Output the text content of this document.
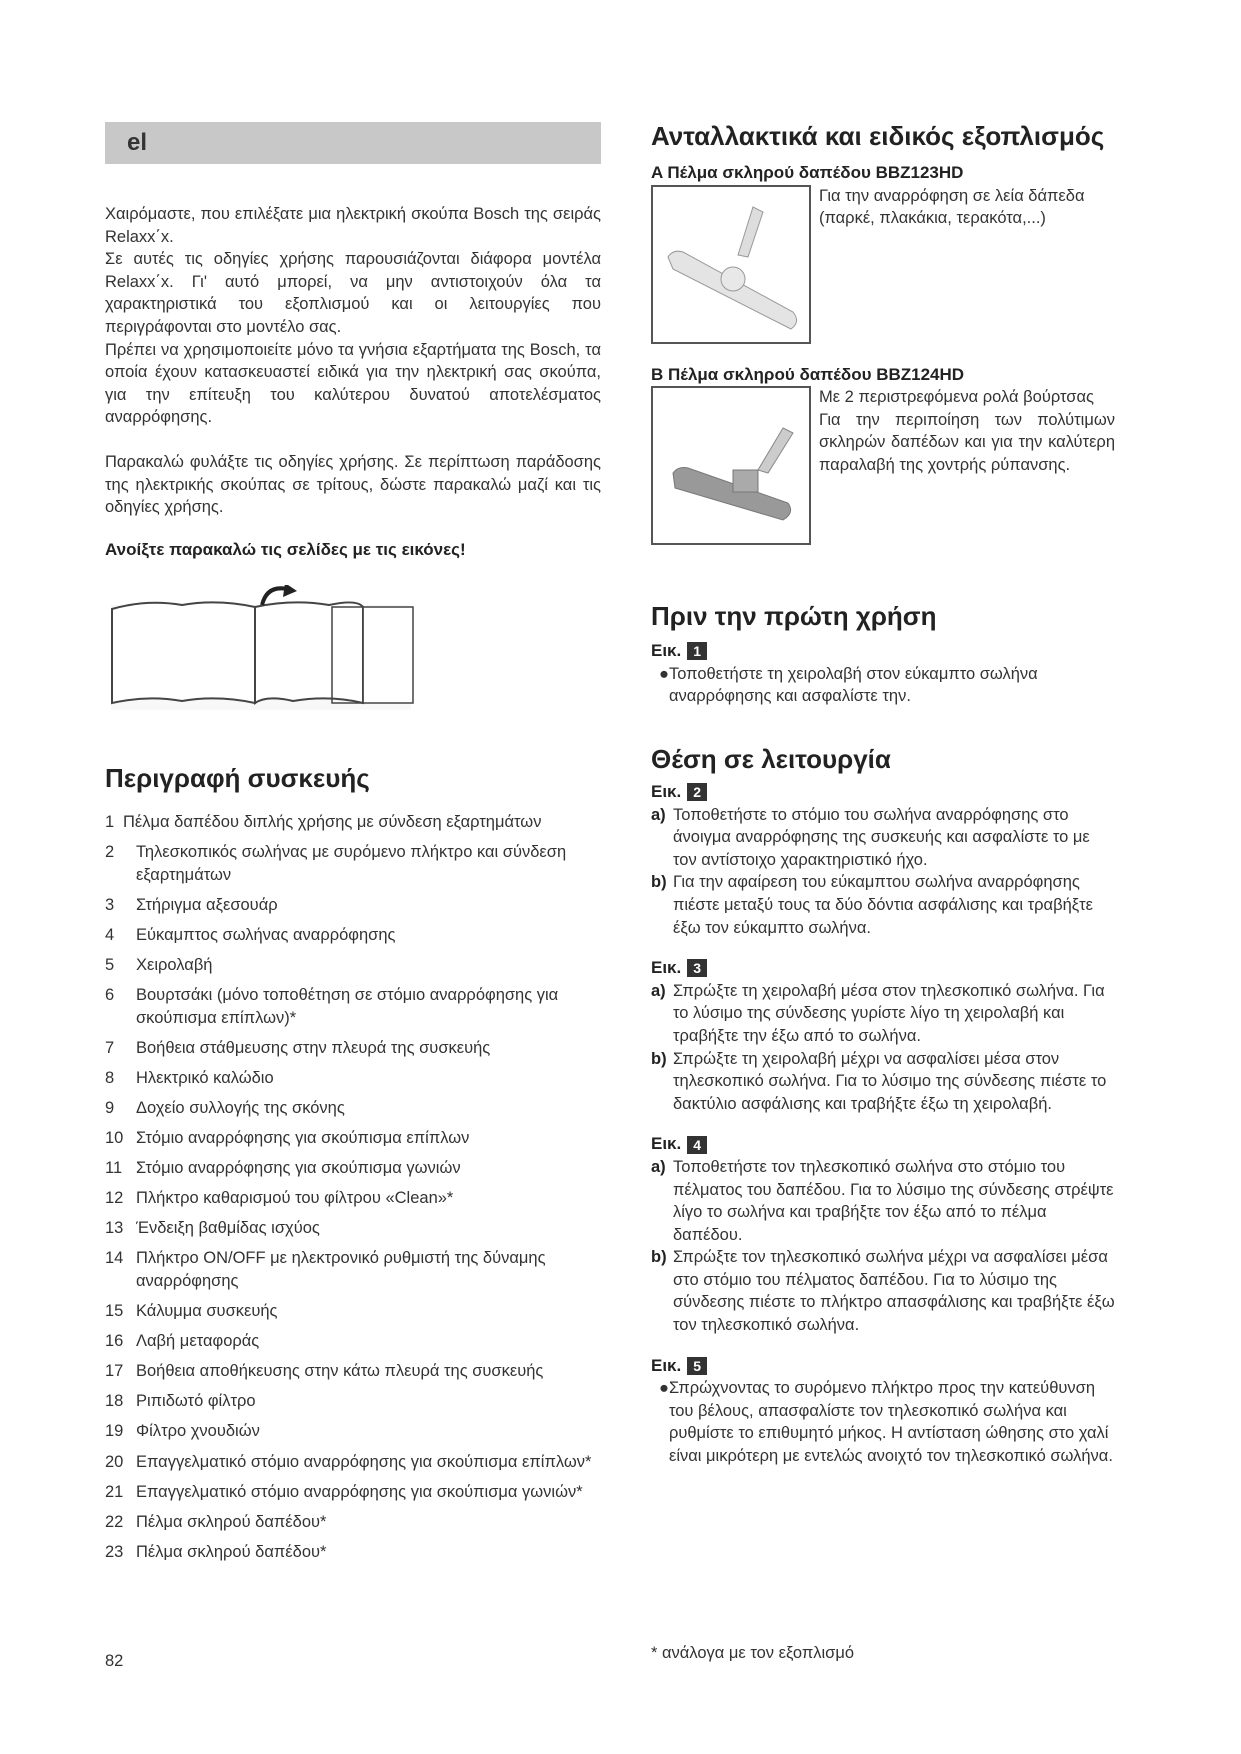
el

Χαιρόμαστε, που επιλέξατε μια ηλεκτρική σκούπα Bosch της σειράς Relaxx΄x.

Σε αυτές τις οδηγίες χρήσης παρουσιάζονται διάφορα μοντέλα Relaxx΄x. Γι' αυτό μπορεί, να μην αντιστοιχούν όλα τα χαρακτηριστικά του εξοπλισμού και οι λειτουργίες που περιγράφονται στο μοντέλο σας.

Πρέπει να χρησιμοποιείτε μόνο τα γνήσια εξαρτήματα της Bosch, τα οποία έχουν κατασκευαστεί ειδικά για την ηλεκτρική σας σκούπα, για την επίτευξη του καλύτερου δυνατού αποτελέσματος αναρρόφησης.

Παρακαλώ φυλάξτε τις οδηγίες χρήσης. Σε περίπτωση παράδοσης της ηλεκτρικής σκούπας σε τρίτους, δώστε παρακαλώ μαζί και τις οδηγίες χρήσης.

Ανοίξτε παρακαλώ τις σελίδες με τις εικόνες!

Περιγραφή συσκευής
1 Πέλμα δαπέδου διπλής χρήσης με σύνδεση εξαρτημάτων
2	Τηλεσκοπικός σωλήνας με συρόμενο πλήκτρο και σύνδεση εξαρτημάτων
3	Στήριγμα αξεσουάρ
4	Εύκαμπτος σωλήνας αναρρόφησης
5	Χειρολαβή
6	Βουρτσάκι (μόνο τοποθέτηση σε στόμιο αναρρόφησης για σκούπισμα επίπλων)*
7	Βοήθεια στάθμευσης στην πλευρά της συσκευής
8	Ηλεκτρικό καλώδιο
9	Δοχείο συλλογής της σκόνης
10 Στόμιο αναρρόφησης για σκούπισμα επίπλων
11 Στόμιο αναρρόφησης για σκούπισμα γωνιών
12 Πλήκτρο καθαρισμού του φίλτρου «Clean»*
13 Ένδειξη βαθμίδας ισχύος
14 Πλήκτρο ON/OFF με ηλεκτρονικό ρυθμιστή της δύναμης αναρρόφησης
15 Κάλυμμα συσκευής
16 Λαβή μεταφοράς
17 Βοήθεια αποθήκευσης στην κάτω πλευρά της συσκευής
18 Ριπιδωτό φίλτρο
19 Φίλτρο χνουδιών
20 Επαγγελματικό στόμιο αναρρόφησης για σκούπισμα επίπλων*
21 Επαγγελματικό στόμιο αναρρόφησης για σκούπισμα γωνιών*
22 Πέλμα σκληρού δαπέδου*
23 Πέλμα σκληρού δαπέδου*
82
Ανταλλακτικά και ειδικός εξοπλισμός
A Πέλμα σκληρού δαπέδου BBZ123HD

Για την αναρρόφηση σε λεία δάπεδα (παρκέ, πλακάκια, τερακότα,...)

B Πέλμα σκληρού δαπέδου BBZ124HD

Με 2 περιστρεφόμενα ρολά βούρτσας

Για την περιποίηση των πολύτιμων σκληρών δαπέδων και για την καλύτερη παραλαβή της χοντρής ρύπανσης.

Πριν την πρώτη χρήση
Εικ. 1
● Τοποθετήστε τη χειρολαβή στον εύκαμπτο σωλήνα αναρρόφησης και ασφαλίστε την.
Θέση σε λειτουργία
Εικ. 2
a) Τοποθετήστε το στόμιο του σωλήνα αναρρόφησης στο άνοιγμα αναρρόφησης της συσκευής και ασφαλίστε το με τον αντίστοιχο χαρακτηριστικό ήχο.
b) Για την αφαίρεση του εύκαμπτου σωλήνα αναρρόφησης πιέστε μεταξύ τους τα δύο δόντια ασφάλισης και τραβήξτε έξω τον εύκαμπτο σωλήνα.
Εικ. 3
a) Σπρώξτε τη χειρολαβή μέσα στον τηλεσκοπικό σωλήνα. Για το λύσιμο της σύνδεσης γυρίστε λίγο τη χειρολαβή και τραβήξτε την έξω από το σωλήνα.
b) Σπρώξτε τη χειρολαβή μέχρι να ασφαλίσει μέσα στον τηλεσκοπικό σωλήνα. Για το λύσιμο της σύνδεσης πιέστε το δακτύλιο ασφάλισης και τραβήξτε έξω τη χειρολαβή.
Εικ. 4
a) Τοποθετήστε τον τηλεσκοπικό σωλήνα στο στόμιο του πέλματος του δαπέδου. Για το λύσιμο της σύνδεσης στρέψτε λίγο το σωλήνα και τραβήξτε τον έξω από το πέλμα δαπέδου.
b) Σπρώξτε τον τηλεσκοπικό σωλήνα μέχρι να ασφαλίσει μέσα στο στόμιο του πέλματος δαπέδου. Για το λύσιμο της σύνδεσης πιέστε το πλήκτρο απασφάλισης και τραβήξτε έξω τον τηλεσκοπικό σωλήνα.
Εικ. 5
● Σπρώχνοντας το συρόμενο πλήκτρο προς την κατεύθυνση του βέλους, απασφαλίστε τον τηλεσκοπικό σωλήνα και ρυθμίστε το επιθυμητό μήκος. Η αντίσταση ώθησης στο χαλί είναι μικρότερη με εντελώς ανοιχτό τον τηλεσκοπικό σωλήνα.
* ανάλογα με τον εξοπλισμό
